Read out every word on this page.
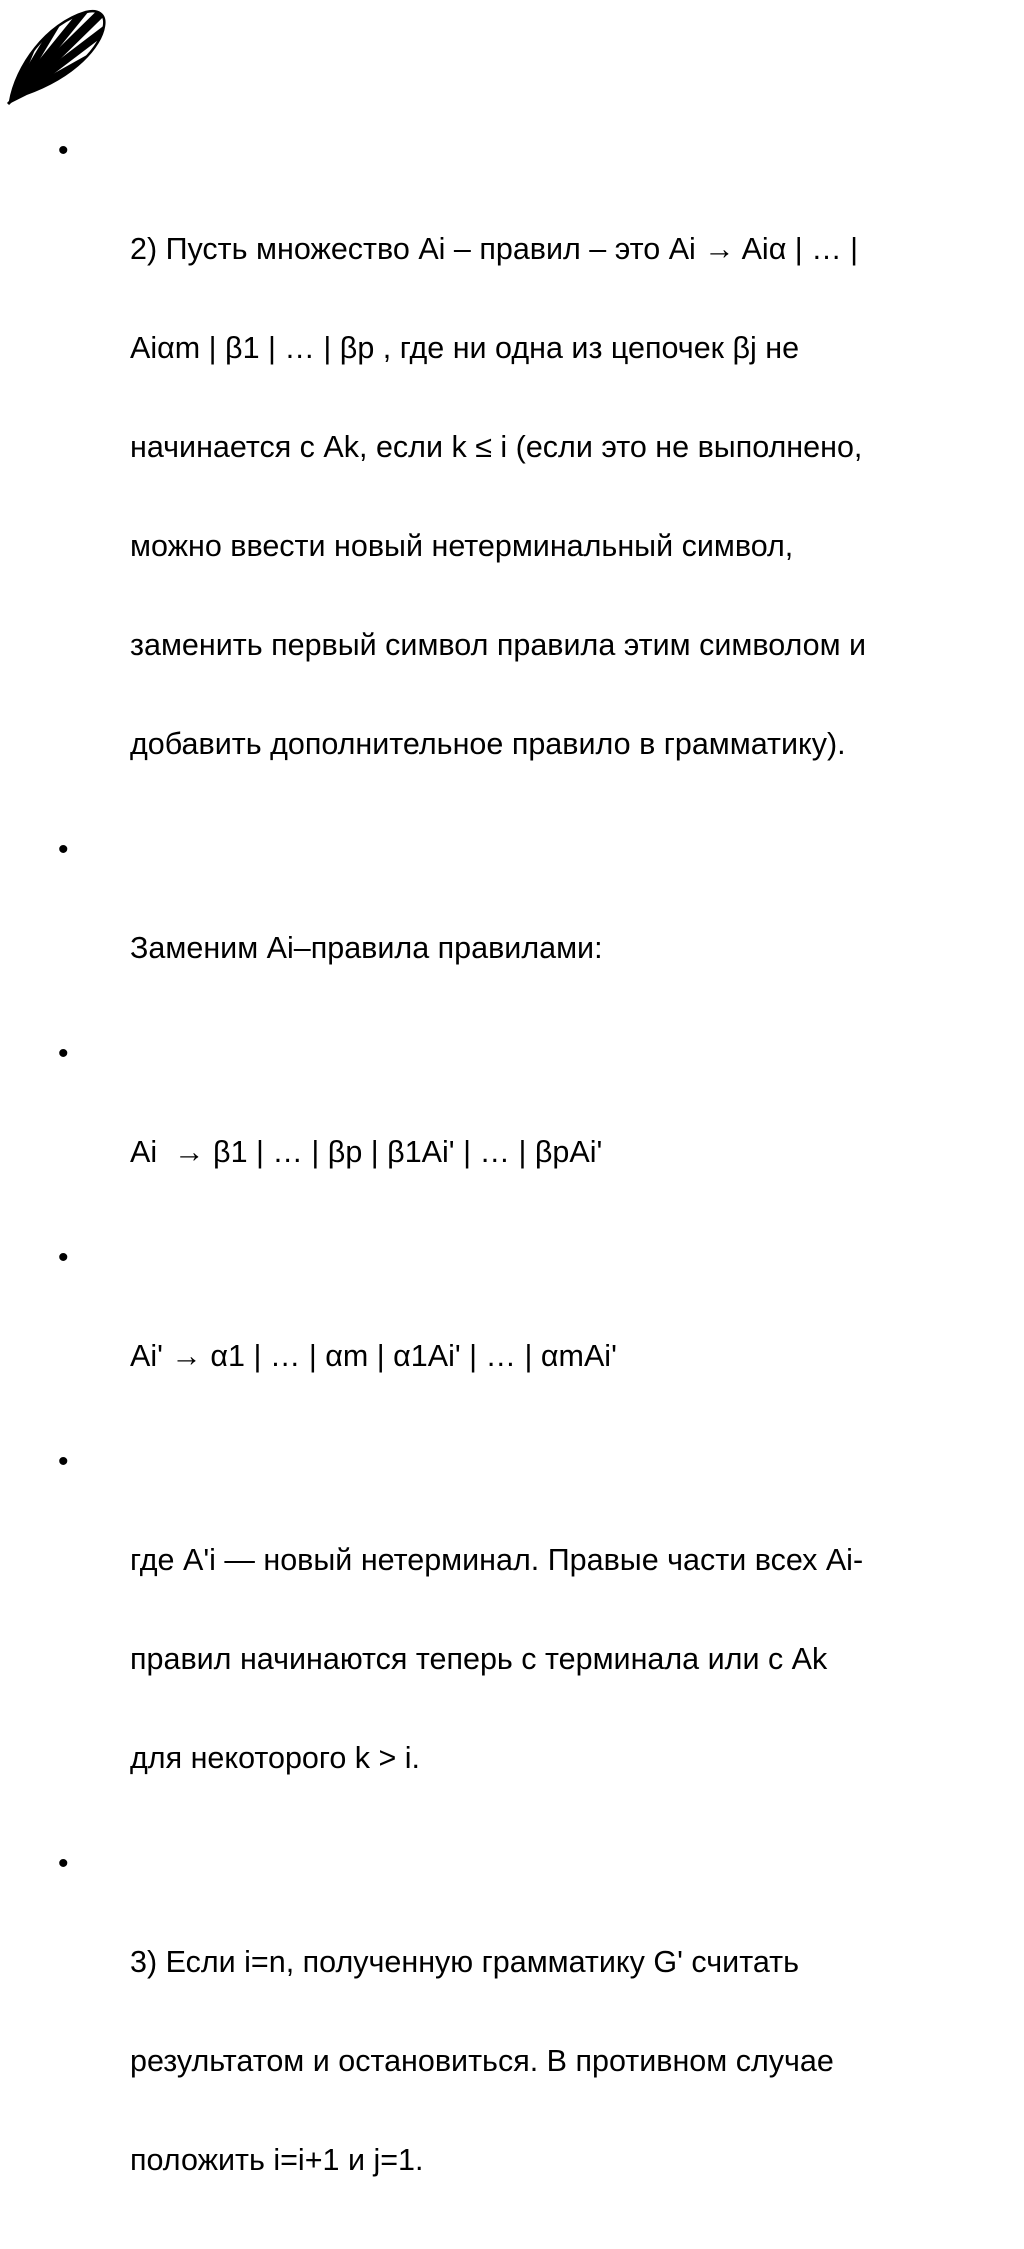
•

2) Пусть множество Ai – правил – это Ai → Aiα | … |

Aiαm | β1 | … | βp , где ни одна из цепочек βj не

начинается с Ak, если k ≤ i (если это не выполнено,

можно ввести новый нетерминальный символ,

заменить первый символ правила этим символом и

добавить дополнительное правило в грамматику).

•

Заменим Ai–правила правилами:

•

Ai  → β1 | … | βp | β1Ai' | … | βpAi'

•

Ai' → α1 | … | αm | α1Ai' | … | αmAi'

•

где A'i — новый нетерминал. Правые части всех Ai-

правил начинаются теперь с терминала или с Ak

для некоторого k > i.

•

3) Если i=n, полученную грамматику G' считать

результатом и остановиться. В противном случае

положить i=i+1 и j=1.
